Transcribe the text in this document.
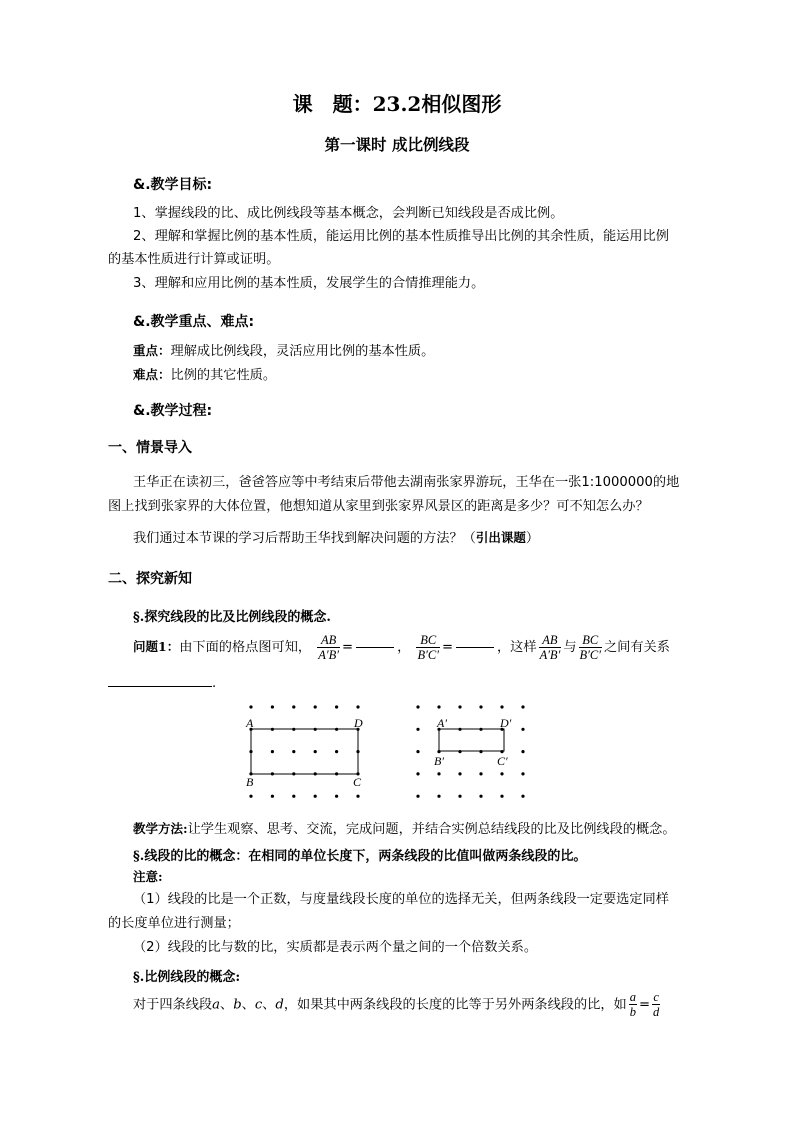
课　题：23.2相似图形
第一课时 成比例线段
&.教学目标:
1、掌握线段的比、成比例线段等基本概念，会判断已知线段是否成比例。
2、理解和掌握比例的基本性质，能运用比例的基本性质推导出比例的其余性质，能运用比例
的基本性质进行计算或证明。
3、理解和应用比例的基本性质，发展学生的合情推理能力。
&.教学重点、难点:
重点：理解成比例线段，灵活应用比例的基本性质。
难点：比例的其它性质。
&.教学过程:
一、情景导入
王华正在读初三，爸爸答应等中考结束后带他去湖南张家界游玩，王华在一张1:1000000的地
图上找到张家界的大体位置，他想知道从家里到张家界风景区的距离是多少？可不知怎么办？
我们通过本节课的学习后帮助王华找到解决问题的方法？（引出课题）
二、探究新知
§.探究线段的比及比例线段的概念.
问题1：由下面的格点图可知， $\frac{AB}{A'B'}$ =	， $\frac{BC}{B'C'}$ =	，这样 $\frac{AB}{A'B'}$ 与 $\frac{BC}{B'C'}$ 之间有关系
.
A	D
B	C
A′	D′
B′	C′
教学方法:让学生观察、思考、交流，完成问题，并结合实例总结线段的比及比例线段的概念。
§.线段的比的概念：在相同的单位长度下，两条线段的比值叫做两条线段的比。
注意:
（1）线段的比是一个正数，与度量线段长度的单位的选择无关，但两条线段一定要选定同样
的长度单位进行测量；
（2）线段的比与数的比，实质都是表示两个量之间的一个倍数关系。
§.比例线段的概念:
对于四条线段a、b、c、d，如果其中两条线段的长度的比等于另外两条线段的比，如 $\frac{a}{b} = \frac{c}{d}$
